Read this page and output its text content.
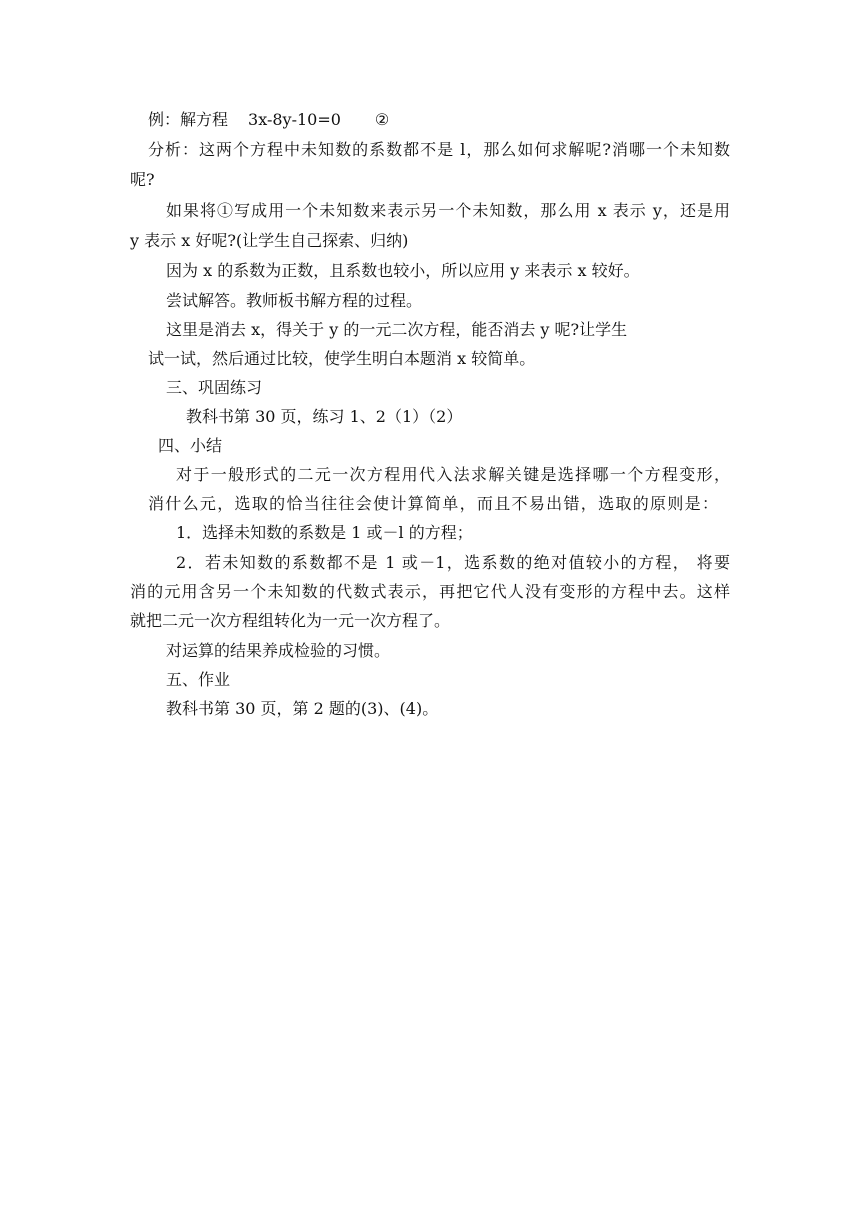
例：解方程 3x-8y-10=0 ②

分析：这两个方程中未知数的系数都不是 l，那么如何求解呢?消哪一个未知数

呢?

如果将①写成用一个未知数来表示另一个未知数，那么用 x 表示 y，还是用

y 表示 x 好呢?(让学生自己探索、归纳)

因为 x 的系数为正数，且系数也较小，所以应用 y 来表示 x 较好。

尝试解答。教师板书解方程的过程。

这里是消去 x，得关于 y 的一元二次方程，能否消去 y 呢?让学生

试一试，然后通过比较，使学生明白本题消 x 较简单。

三、巩固练习

教科书第 30 页，练习 1、2（1）（2）

四、小结

对于一般形式的二元一次方程用代入法求解关键是选择哪一个方程变形，

消什么元，选取的恰当往往会使计算简单，而且不易出错，选取的原则是：

1．选择未知数的系数是 1 或－l 的方程；

2．若未知数的系数都不是 1 或－1，选系数的绝对值较小的方程， 将要

消的元用含另一个未知数的代数式表示，再把它代人没有变形的方程中去。这样

就把二元一次方程组转化为一元一次方程了。

对运算的结果养成检验的习惯。

五、作业

教科书第 30 页，第 2 题的(3)、(4)。
